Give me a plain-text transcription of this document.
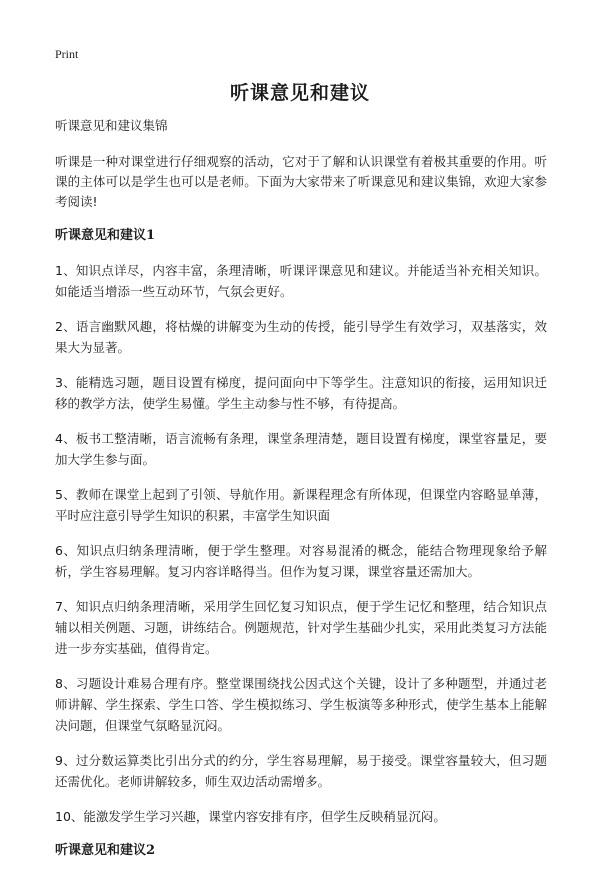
Print
听课意见和建议

听课意见和建议集锦

听课是一种对课堂进行仔细观察的活动，它对于了解和认识课堂有着极其重要的作用。听课的主体可以是学生也可以是老师。下面为大家带来了听课意见和建议集锦，欢迎大家参考阅读!

听课意见和建议1

1、知识点详尽，内容丰富，条理清晰，听课评课意见和建议。并能适当补充相关知识。如能适当增添一些互动环节，气氛会更好。

2、语言幽默风趣，将枯燥的讲解变为生动的传授，能引导学生有效学习，双基落实，效果大为显著。

3、能精选习题，题目设置有梯度，提问面向中下等学生。注意知识的衔接，运用知识迁移的教学方法，使学生易懂。学生主动参与性不够，有待提高。

4、板书工整清晰，语言流畅有条理，课堂条理清楚，题目设置有梯度，课堂容量足，要加大学生参与面。

5、教师在课堂上起到了引领、导航作用。新课程理念有所体现，但课堂内容略显单薄，平时应注意引导学生知识的积累，丰富学生知识面

6、知识点归纳条理清晰，便于学生整理。对容易混淆的概念，能结合物理现象给予解析，学生容易理解。复习内容详略得当。但作为复习课，课堂容量还需加大。

7、知识点归纳条理清晰，采用学生回忆复习知识点，便于学生记忆和整理，结合知识点辅以相关例题、习题，讲练结合。例题规范，针对学生基础少扎实，采用此类复习方法能进一步夯实基础，值得肯定。

8、习题设计难易合理有序。整堂课围绕找公因式这个关键，设计了多种题型，并通过老师讲解、学生探索、学生口答、学生模拟练习、学生板演等多种形式，使学生基本上能解决问题，但课堂气氛略显沉闷。

9、过分数运算类比引出分式的约分，学生容易理解，易于接受。课堂容量较大，但习题还需优化。老师讲解较多，师生双边活动需增多。

10、能激发学生学习兴趣，课堂内容安排有序，但学生反映稍显沉闷。

听课意见和建议2
